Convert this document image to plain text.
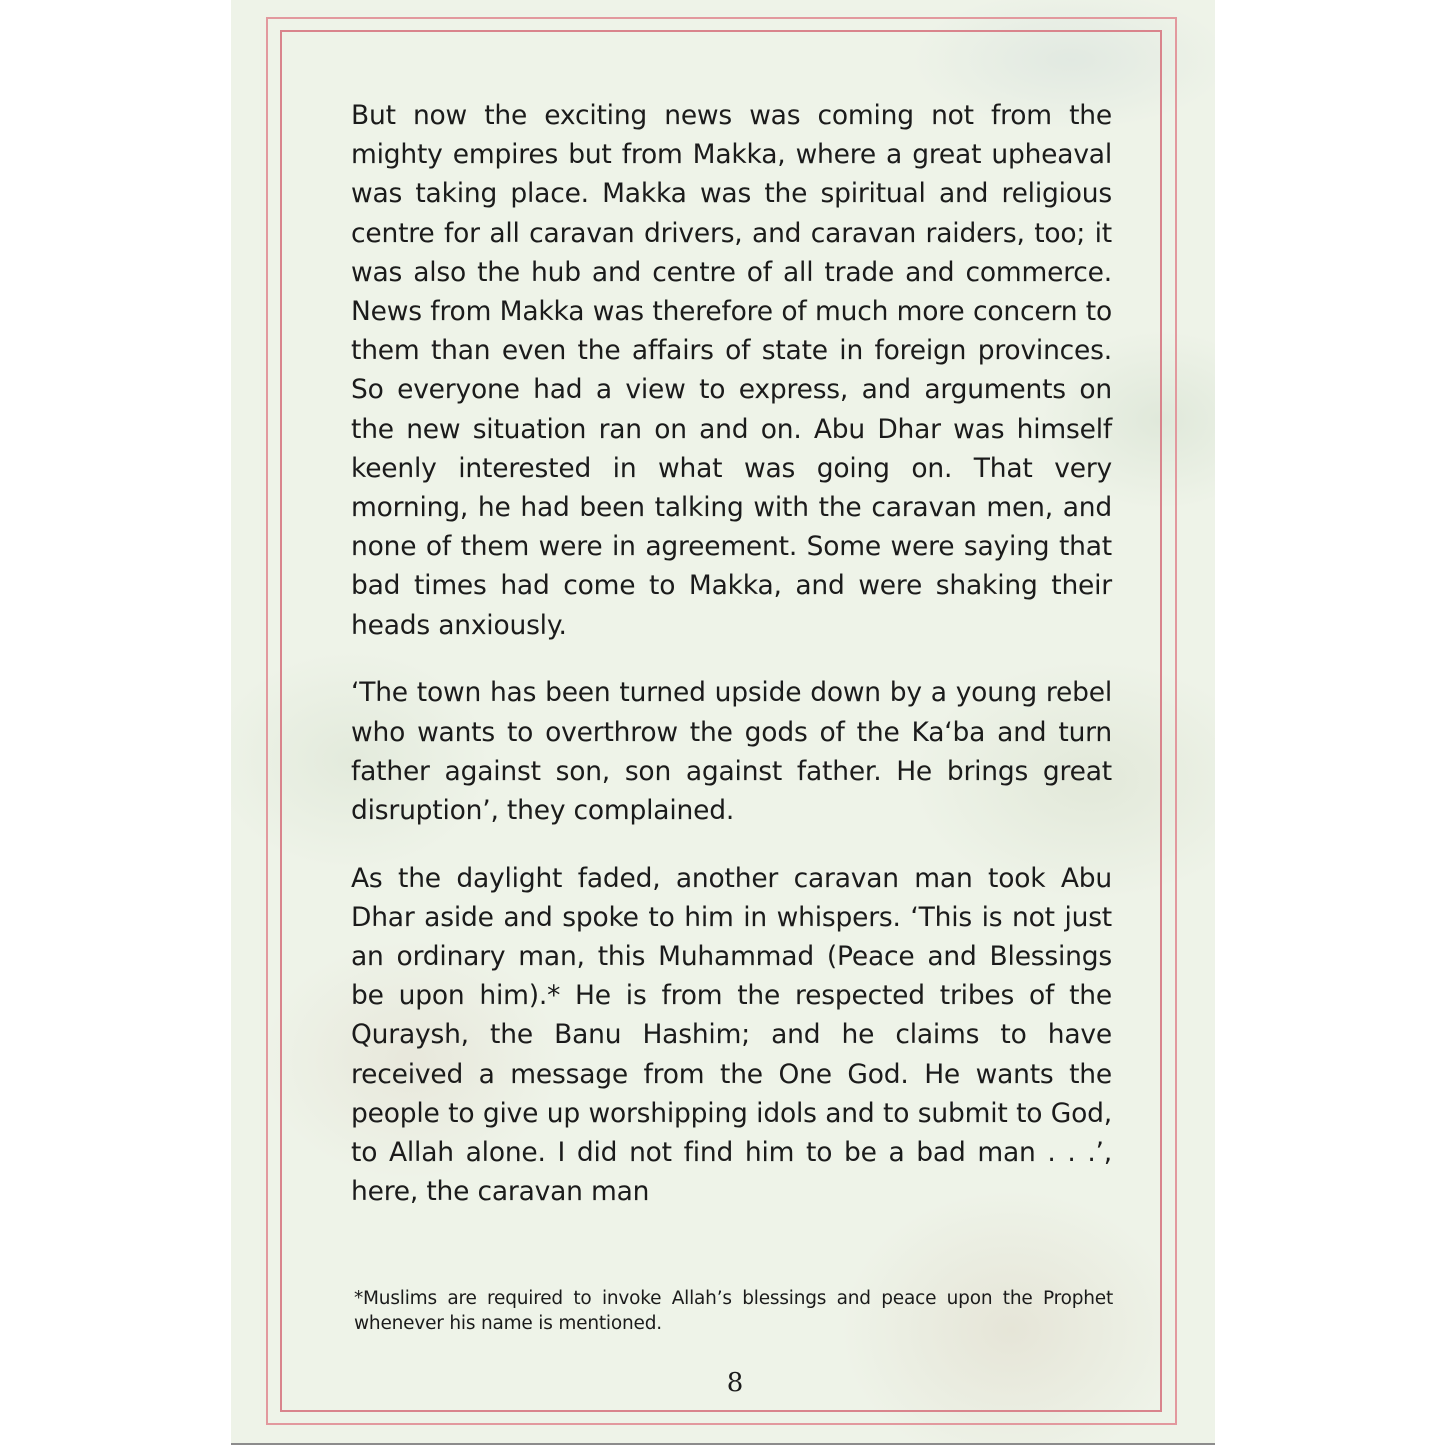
But now the exciting news was coming not from the mighty empires but from Makka, where a great upheaval was taking place. Makka was the spiritual and religious centre for all caravan drivers, and caravan raiders, too; it was also the hub and centre of all trade and commerce. News from Makka was therefore of much more concern to them than even the affairs of state in foreign provinces. So everyone had a view to express, and arguments on the new situation ran on and on. Abu Dhar was himself keenly interested in what was going on. That very morning, he had been talking with the caravan men, and none of them were in agreement. Some were saying that bad times had come to Makka, and were shaking their heads anxiously.

‘The town has been turned upside down by a young rebel who wants to overthrow the gods of the Ka‘ba and turn father against son, son against father. He brings great disruption’, they complained.

As the daylight faded, another caravan man took Abu Dhar aside and spoke to him in whispers. ‘This is not just an ordinary man, this Muhammad (Peace and Blessings be upon him).* He is from the respected tribes of the Quraysh, the Banu Hashim; and he claims to have received a message from the One God. He wants the people to give up worshipping idols and to submit to God, to Allah alone. I did not find him to be a bad man . . .’, here, the caravan man

*Muslims are required to invoke Allah’s blessings and peace upon the Prophet whenever his name is mentioned.

8
